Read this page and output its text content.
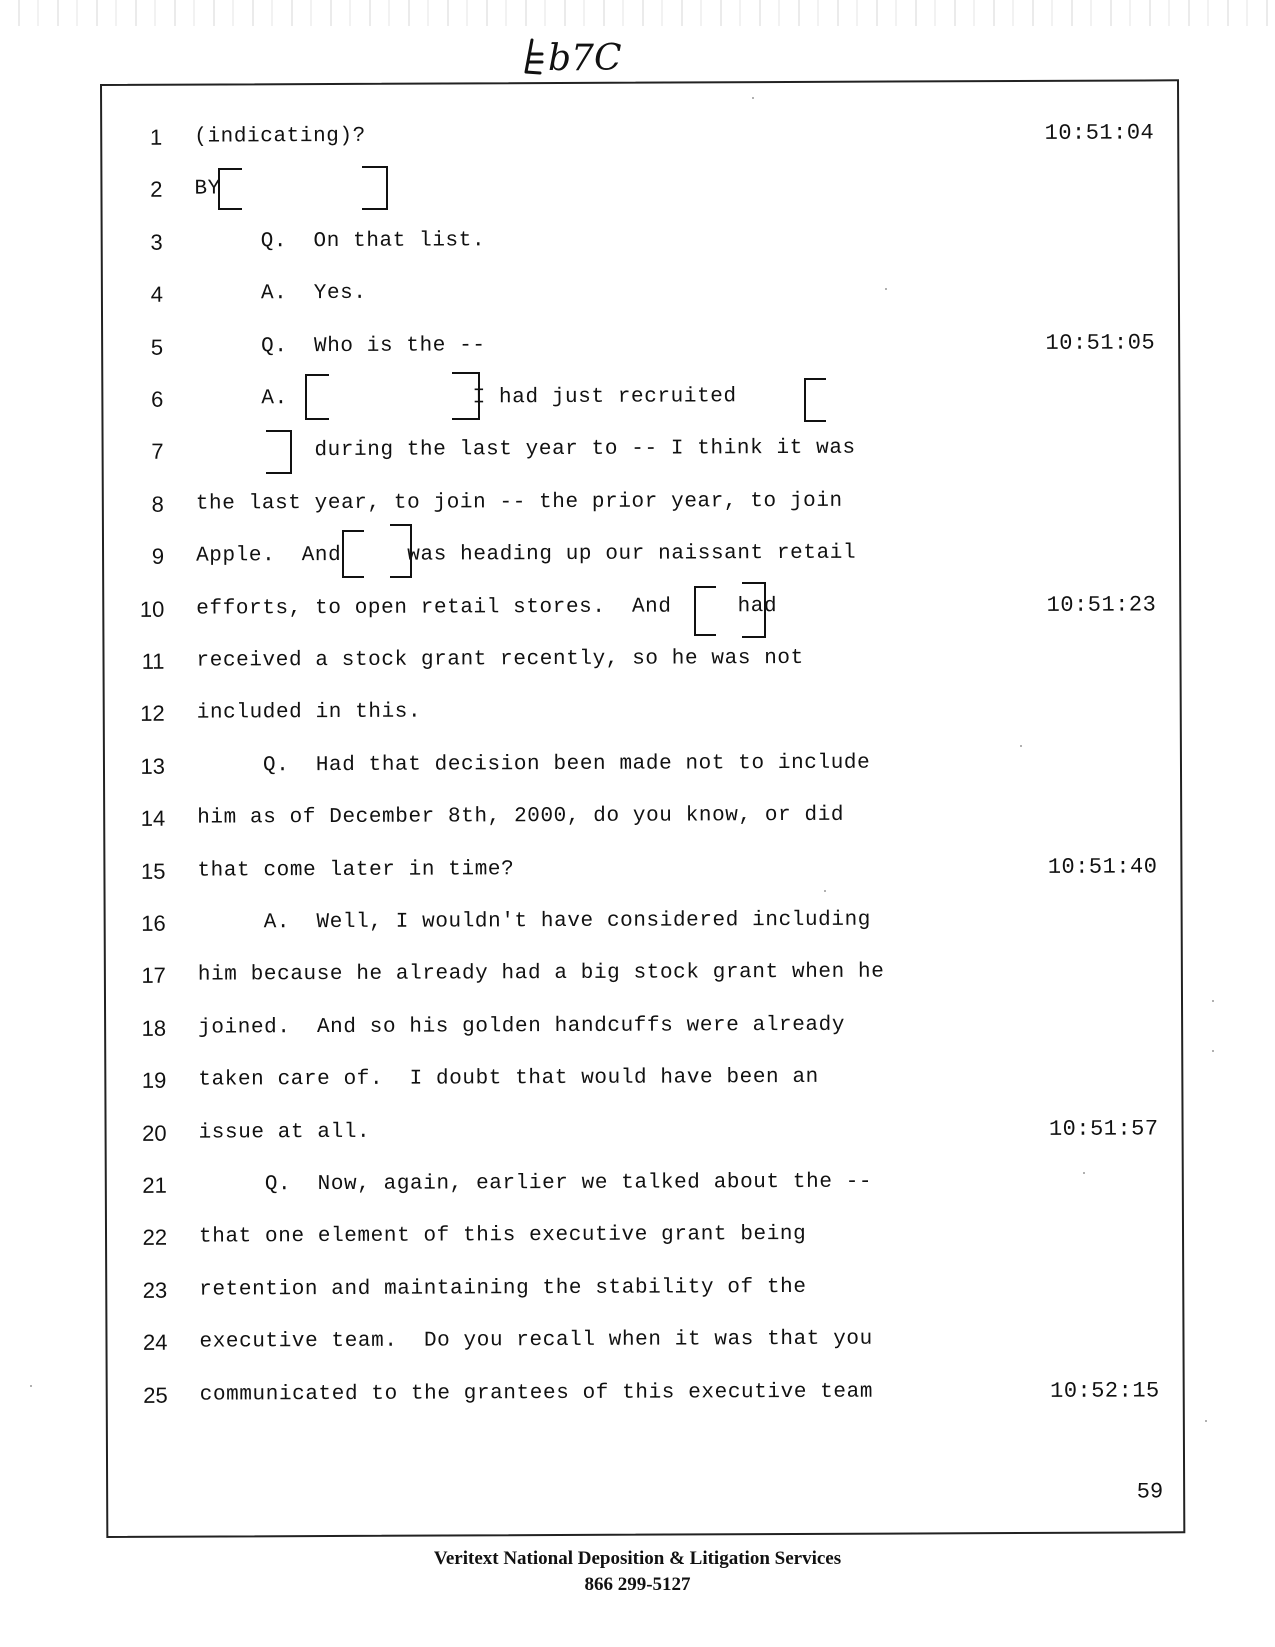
b7C
1 (indicating)?	10:51:04
2 BY
3 Q.  On that list.
4 A.  Yes.
5 Q.  Who is the --	10:51:05
6 A.              I had just recruited
7 during the last year to -- I think it was
8 the last year, to join -- the prior year, to join
9 Apple.  And     was heading up our naissant retail
10 efforts, to open retail stores.  And     had	10:51:23
11 received a stock grant recently, so he was not
12 included in this.
13 Q.  Had that decision been made not to include
14 him as of December 8th, 2000, do you know, or did
15 that come later in time?	10:51:40
16 A.  Well, I wouldn't have considered including
17 him because he already had a big stock grant when he
18 joined.  And so his golden handcuffs were already
19 taken care of.  I doubt that would have been an
20 issue at all.	10:51:57
21 Q.  Now, again, earlier we talked about the --
22 that one element of this executive grant being
23 retention and maintaining the stability of the
24 executive team.  Do you recall when it was that you
25 communicated to the grantees of this executive team	10:52:15
59
Veritext National Deposition & Litigation Services
866 299-5127
